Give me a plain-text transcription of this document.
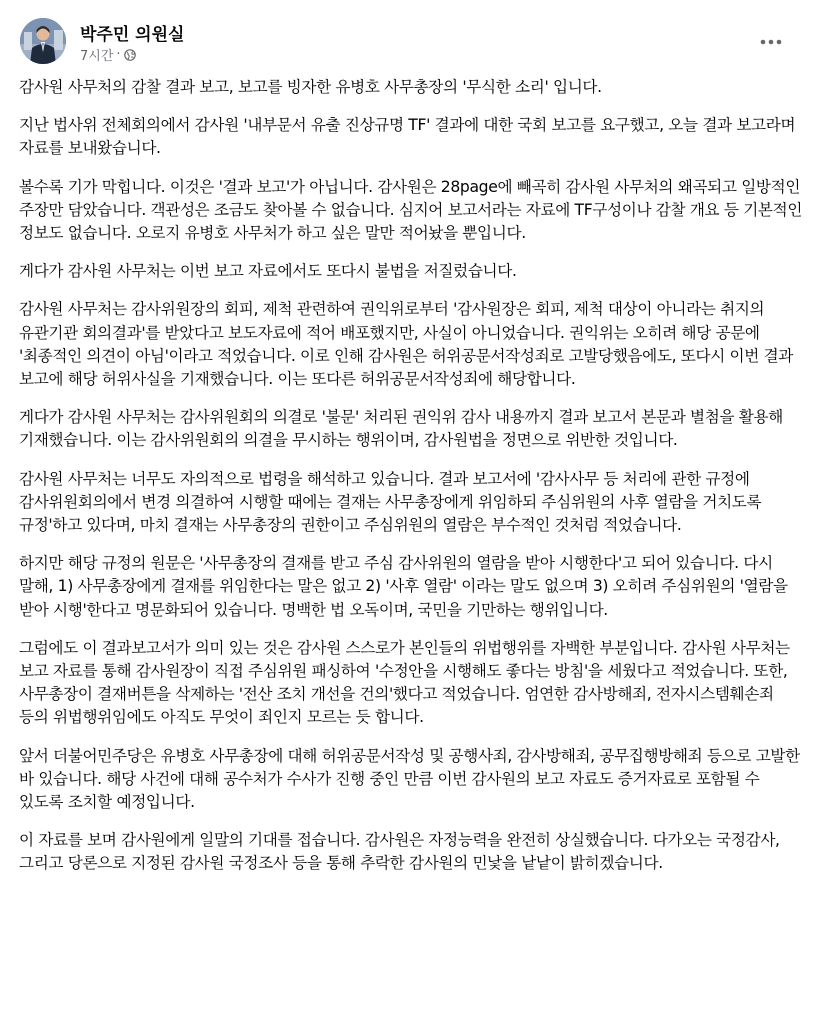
박주민 의원실
7시간 ·

감사원 사무처의 감찰 결과 보고, 보고를 빙자한 유병호 사무총장의 '무식한 소리' 입니다.

지난 법사위 전체회의에서 감사원 '내부문서 유출 진상규명 TF' 결과에 대한 국회 보고를 요구했고, 오늘 결과 보고라며 자료를 보내왔습니다.

볼수록 기가 막힙니다. 이것은 '결과 보고'가 아닙니다. 감사원은 28page에 빼곡히 감사원 사무처의 왜곡되고 일방적인 주장만 담았습니다. 객관성은 조금도 찾아볼 수 없습니다. 심지어 보고서라는 자료에 TF구성이나 감찰 개요 등 기본적인 정보도 없습니다. 오로지 유병호 사무처가 하고 싶은 말만 적어놨을 뿐입니다.

게다가 감사원 사무처는 이번 보고 자료에서도 또다시 불법을 저질렀습니다.

감사원 사무처는 감사위원장의 회피, 제척 관련하여 권익위로부터 '감사원장은 회피, 제척 대상이 아니라는 취지의 유관기관 회의결과'를 받았다고 보도자료에 적어 배포했지만, 사실이 아니었습니다. 권익위는 오히려 해당 공문에 '최종적인 의견이 아님'이라고 적었습니다. 이로 인해 감사원은 허위공문서작성죄로 고발당했음에도, 또다시 이번 결과 보고에 해당 허위사실을 기재했습니다. 이는 또다른 허위공문서작성죄에 해당합니다.

게다가 감사원 사무처는 감사위원회의 의결로 '불문' 처리된 권익위 감사 내용까지 결과 보고서 본문과 별첨을 활용해 기재했습니다. 이는 감사위원회의 의결을 무시하는 행위이며, 감사원법을 정면으로 위반한 것입니다.

감사원 사무처는 너무도 자의적으로 법령을 해석하고 있습니다. 결과 보고서에 '감사사무 등 처리에 관한 규정에 감사위원회의에서 변경 의결하여 시행할 때에는 결재는 사무총장에게 위임하되 주심위원의 사후 열람을 거치도록 규정'하고 있다며, 마치 결재는 사무총장의 권한이고 주심위원의 열람은 부수적인 것처럼 적었습니다.

하지만 해당 규정의 원문은 '사무총장의 결재를 받고 주심 감사위원의 열람을 받아 시행한다'고 되어 있습니다. 다시 말해, 1) 사무총장에게 결재를 위임한다는 말은 없고 2) '사후 열람' 이라는 말도 없으며 3) 오히려 주심위원의 '열람을 받아 시행'한다고 명문화되어 있습니다. 명백한 법 오독이며, 국민을 기만하는 행위입니다.

그럼에도 이 결과보고서가 의미 있는 것은 감사원 스스로가 본인들의 위법행위를 자백한 부분입니다. 감사원 사무처는 보고 자료를 통해 감사원장이 직접 주심위원 패싱하여 '수정안을 시행해도 좋다는 방침'을 세웠다고 적었습니다. 또한, 사무총장이 결재버튼을 삭제하는 '전산 조치 개선을 건의'했다고 적었습니다. 엄연한 감사방해죄, 전자시스템훼손죄 등의 위법행위임에도 아직도 무엇이 죄인지 모르는 듯 합니다.

앞서 더불어민주당은 유병호 사무총장에 대해 허위공문서작성 및 공행사죄, 감사방해죄, 공무집행방해죄 등으로 고발한 바 있습니다. 해당 사건에 대해 공수처가 수사가 진행 중인 만큼 이번 감사원의 보고 자료도 증거자료로 포함될 수 있도록 조치할 예정입니다.

이 자료를 보며 감사원에게 일말의 기대를 접습니다. 감사원은 자정능력을 완전히 상실했습니다. 다가오는 국정감사, 그리고 당론으로 지정된 감사원 국정조사 등을 통해 추락한 감사원의 민낯을 낱낱이 밝히겠습니다.
